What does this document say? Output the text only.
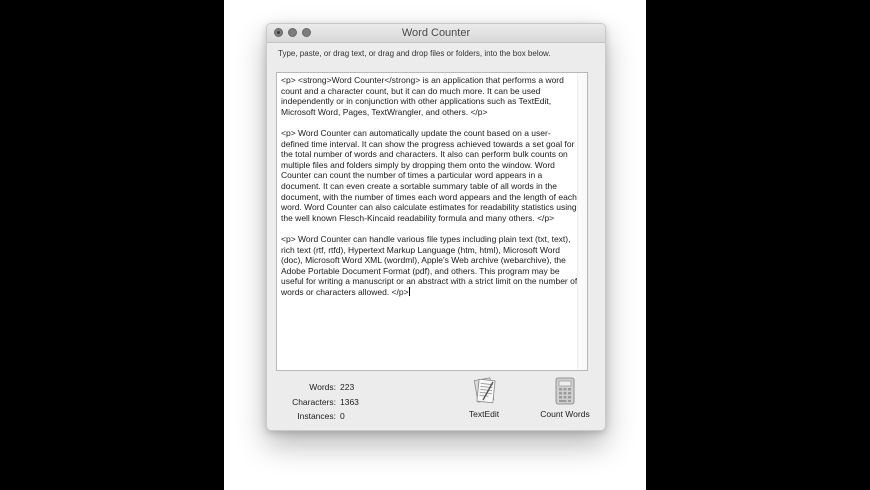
Word Counter
Type, paste, or drag text, or drag and drop files or folders, into the box below.

<p> <strong>Word Counter</strong> is an application that performs a word count and a character count, but it can do much more. It can be used independently or in conjunction with other applications such as TextEdit, Microsoft Word, Pages, TextWrangler, and others. </p>

<p> Word Counter can automatically update the count based on a user-defined time interval. It can show the progress achieved towards a set goal for the total number of words and characters. It also can perform bulk counts on multiple files and folders simply by dropping them onto the window. Word Counter can count the number of times a particular word appears in a document. It can even create a sortable summary table of all words in the document, with the number of times each word appears and the length of each word. Word Counter can also calculate estimates for readability statistics using the well known Flesch-Kincaid readability formula and many others. </p>

<p> Word Counter can handle various file types including plain text (txt, text), rich text (rtf, rtfd), Hypertext Markup Language (htm, html), Microsoft Word (doc), Microsoft Word XML (wordml), Apple's Web archive (webarchive), the Adobe Portable Document Format (pdf), and others. This program may be useful for writing a manuscript or an abstract with a strict limit on the number of words or characters allowed. </p>

Words: 223
Characters: 1363
Instances: 0	TextEdit	Count Words
